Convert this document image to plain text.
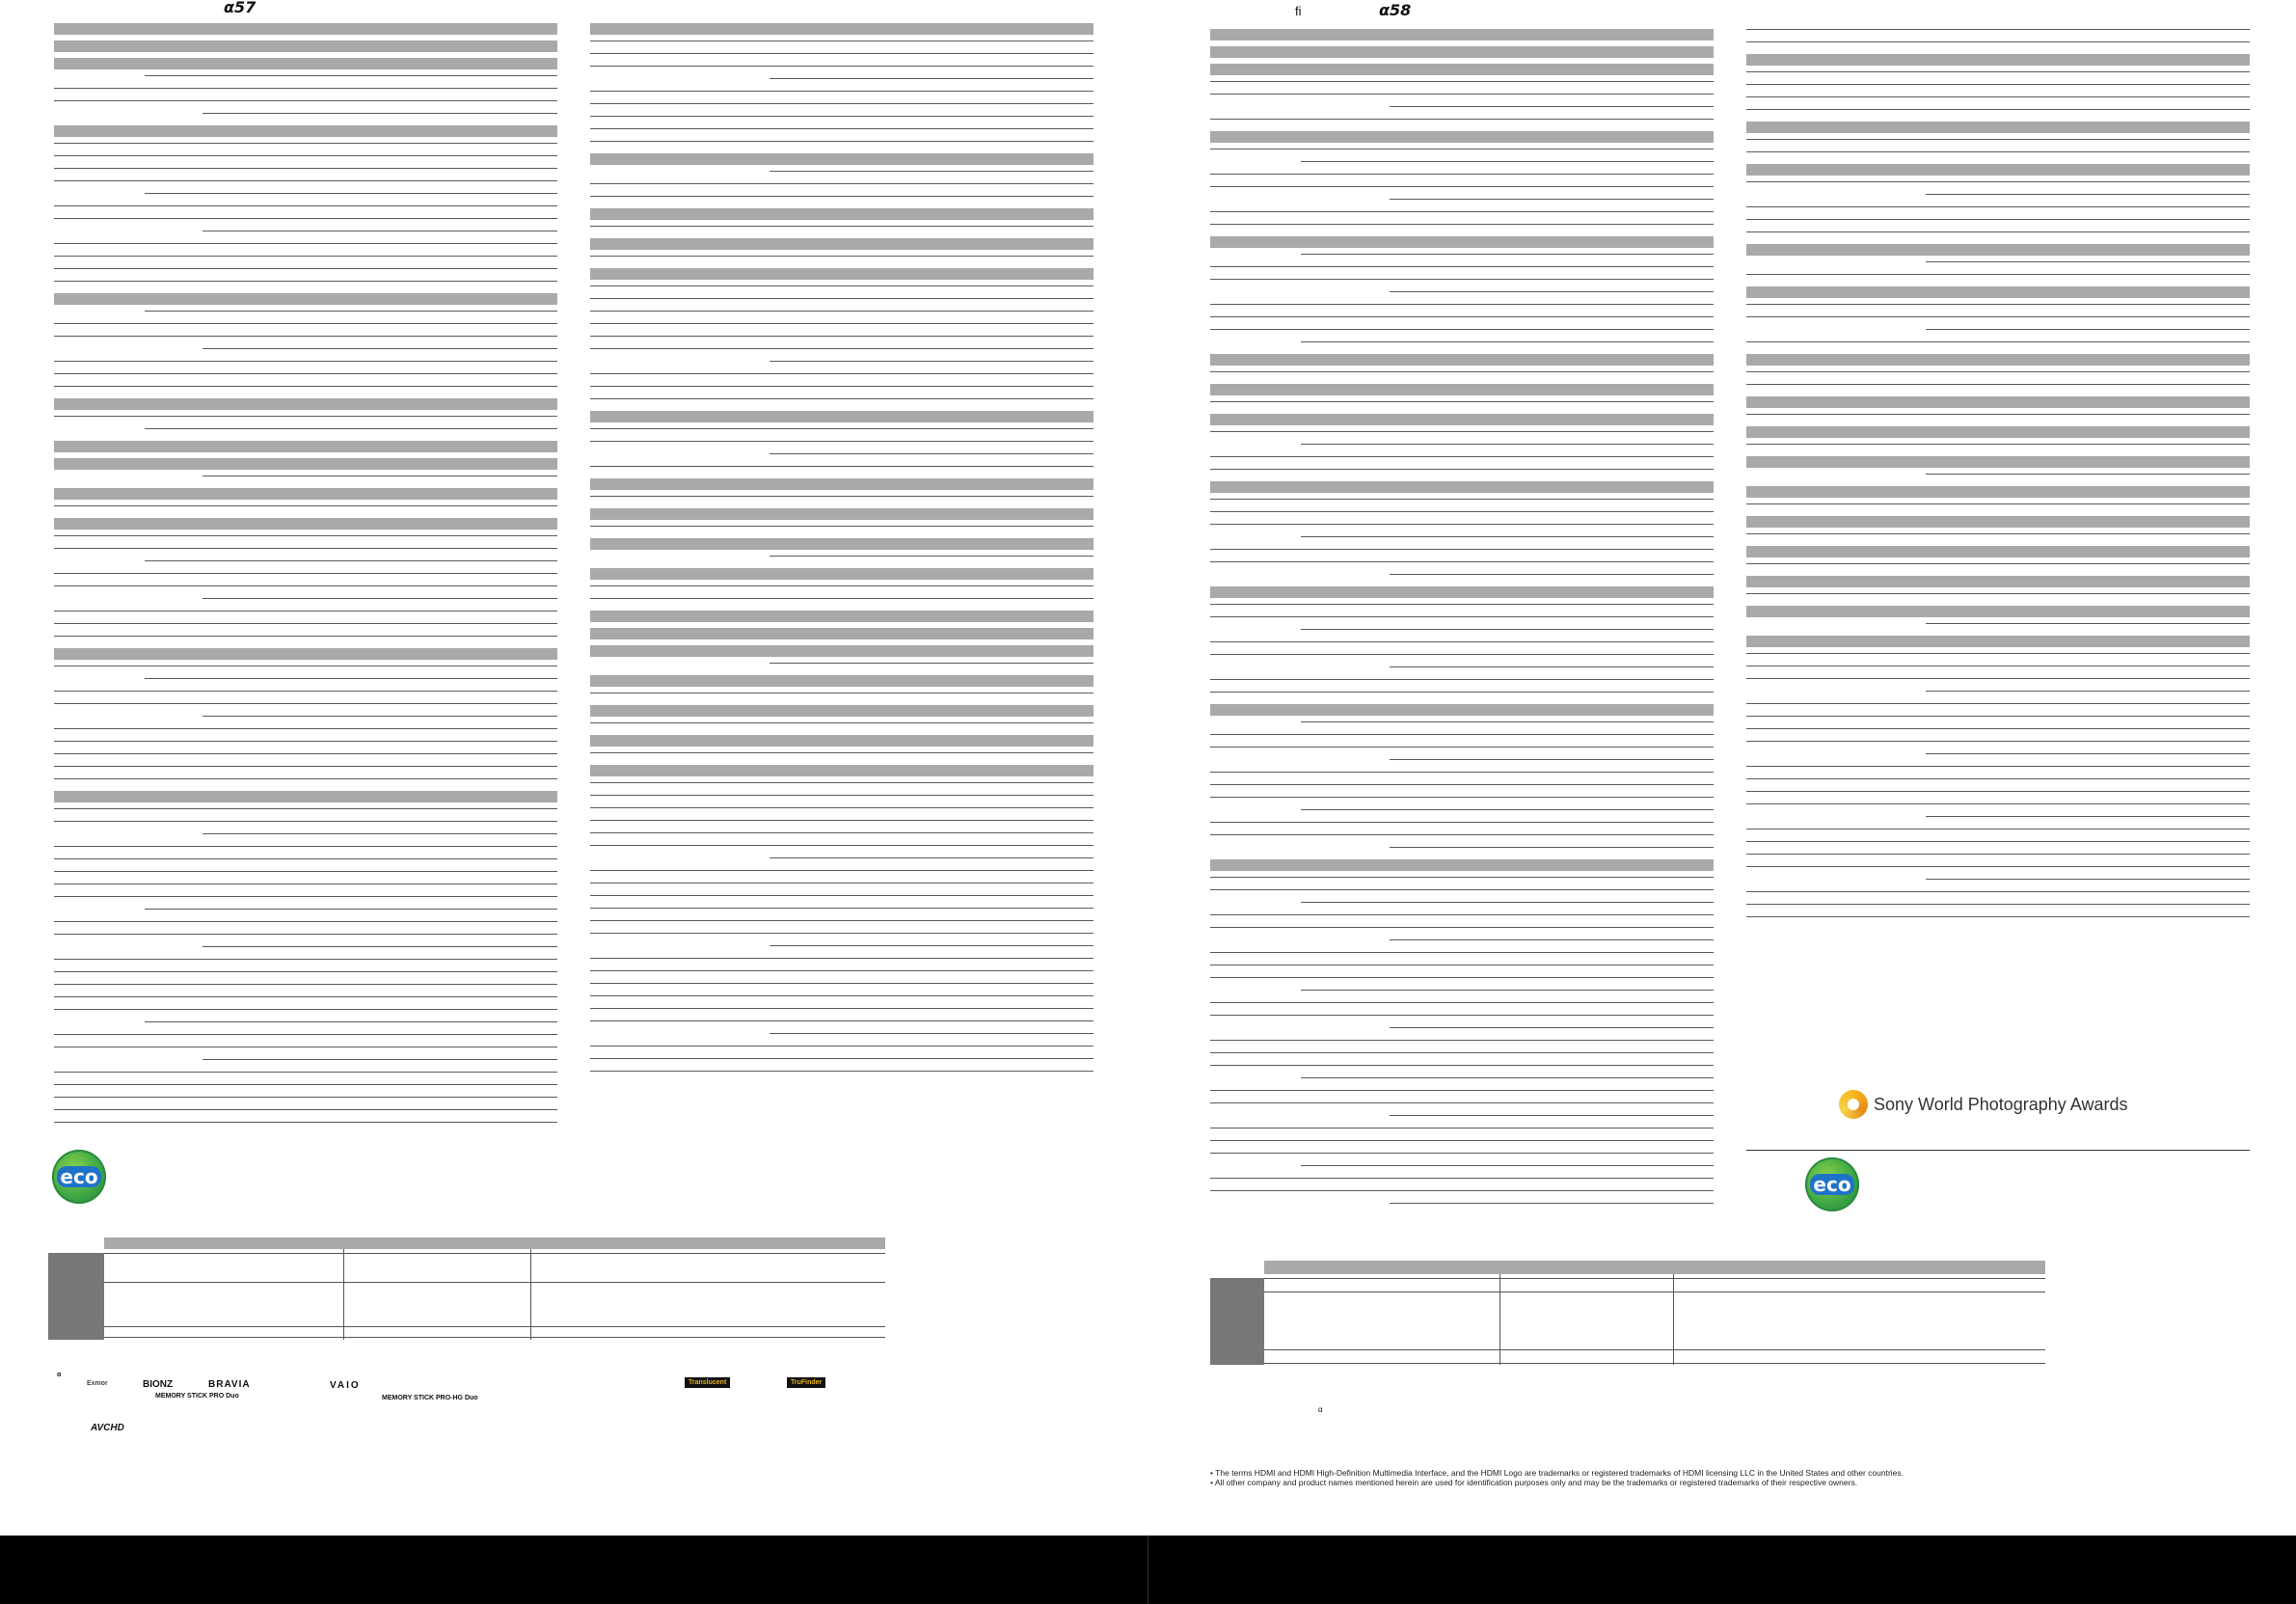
α57
eco
α
Exmor	BIONZ	BRAVIA
MEMORY STICK PRO Duo
VAIO
MEMORY STICK PRO-HG Duo
Translucent	TruFinder
AVCHD
fi	α58
Sony World Photography Awards
eco
α
• The terms HDMI and HDMI High-Definition Multimedia Interface, and the HDMI Logo are trademarks or registered trademarks of HDMI licensing LLC in the United States and other countries.
• All other company and product names mentioned herein are used for identification purposes only and may be the trademarks or registered trademarks of their respective owners.
